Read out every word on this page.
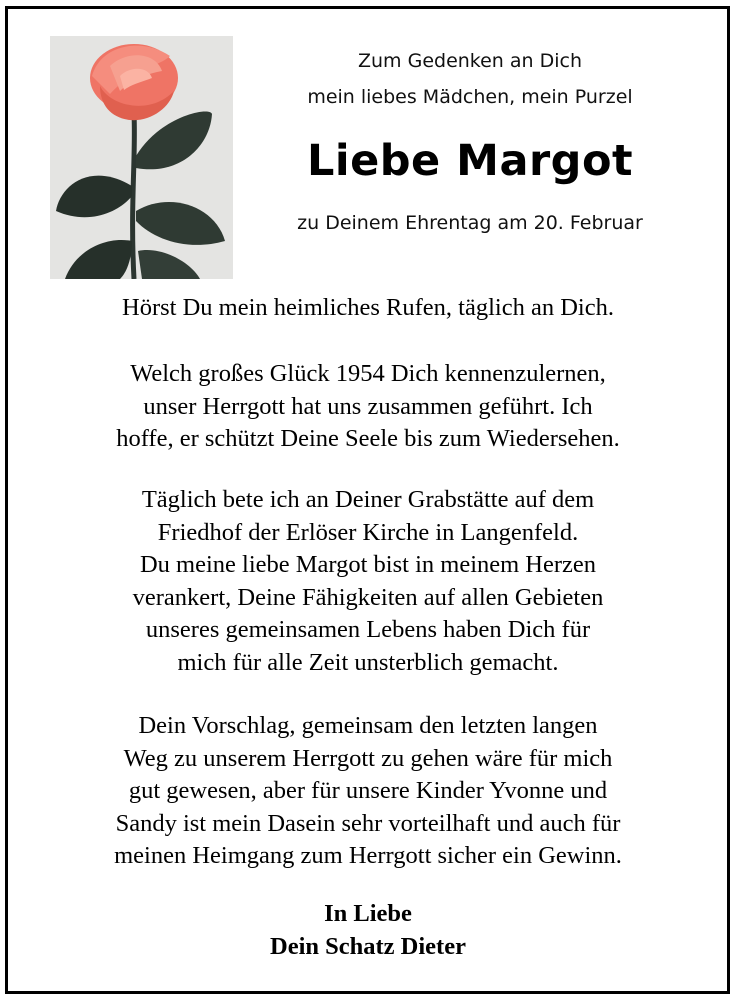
Zum Gedenken an Dich
mein liebes Mädchen, mein Purzel
Liebe Margot
zu Deinem Ehrentag am 20. Februar
Hörst Du mein heimliches Rufen, täglich an Dich.
Welch großes Glück 1954 Dich kennenzulernen,
unser Herrgott hat uns zusammen geführt. Ich
hoffe, er schützt Deine Seele bis zum Wiedersehen.
Täglich bete ich an Deiner Grabstätte auf dem
Friedhof der Erlöser Kirche in Langenfeld.
Du meine liebe Margot bist in meinem Herzen
verankert, Deine Fähigkeiten auf allen Gebieten
unseres gemeinsamen Lebens haben Dich für
mich für alle Zeit unsterblich gemacht.
Dein Vorschlag, gemeinsam den letzten langen
Weg zu unserem Herrgott zu gehen wäre für mich
gut gewesen, aber für unsere Kinder Yvonne und
Sandy ist mein Dasein sehr vorteilhaft und auch für
meinen Heimgang zum Herrgott sicher ein Gewinn.
In Liebe
Dein Schatz Dieter
